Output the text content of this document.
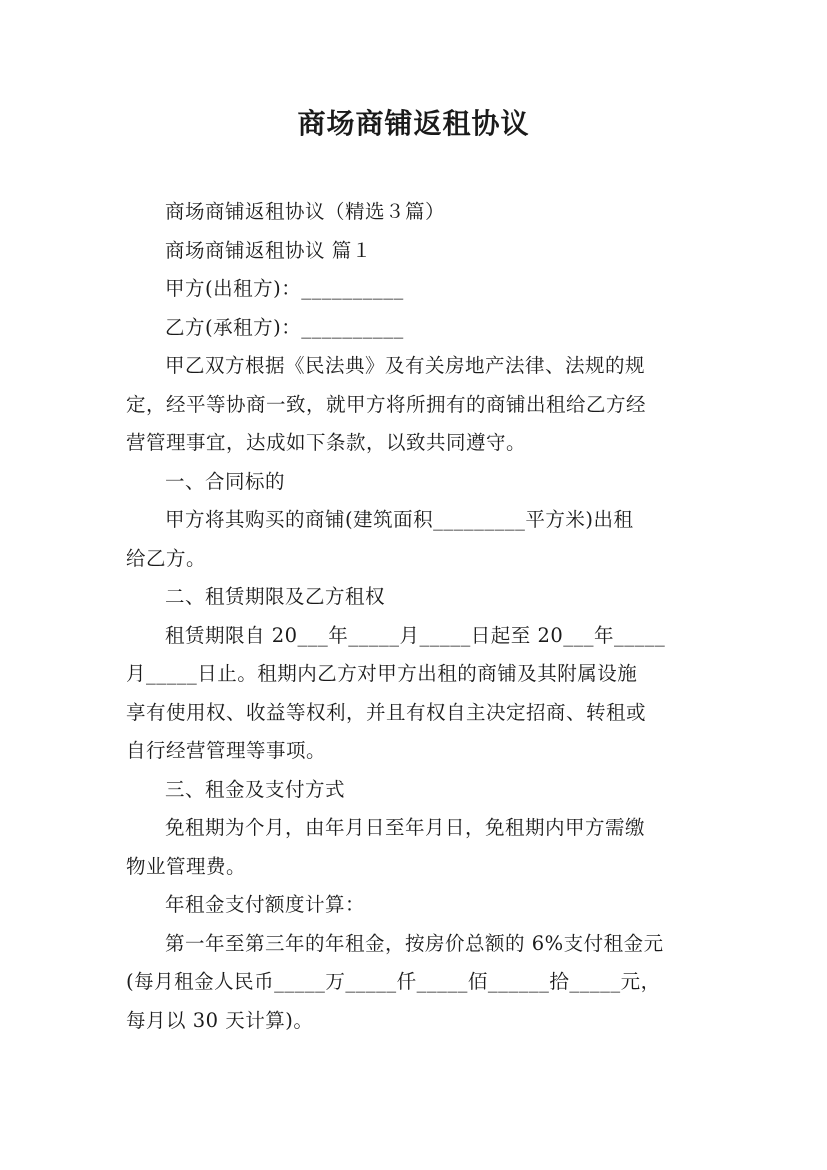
商场商铺返租协议

商场商铺返租协议（精选３篇）

商场商铺返租协议 篇１

甲方(出租方)：__________

乙方(承租方)：__________

甲乙双方根据《民法典》及有关房地产法律、法规的规
定，经平等协商一致，就甲方将所拥有的商铺出租给乙方经
营管理事宜，达成如下条款，以致共同遵守。

一、合同标的

甲方将其购买的商铺(建筑面积_________平方米)出租
给乙方。

二、租赁期限及乙方租权

租赁期限自 20___年_____月_____日起至 20___年_____
月_____日止。租期内乙方对甲方出租的商铺及其附属设施
享有使用权、收益等权利，并且有权自主决定招商、转租或
自行经营管理等事项。

三、租金及支付方式

免租期为个月，由年月日至年月日，免租期内甲方需缴
物业管理费。

年租金支付额度计算：

第一年至第三年的年租金，按房价总额的 6%支付租金元
(每月租金人民币_____万_____仟_____佰______拾_____元，
每月以 30 天计算)。
